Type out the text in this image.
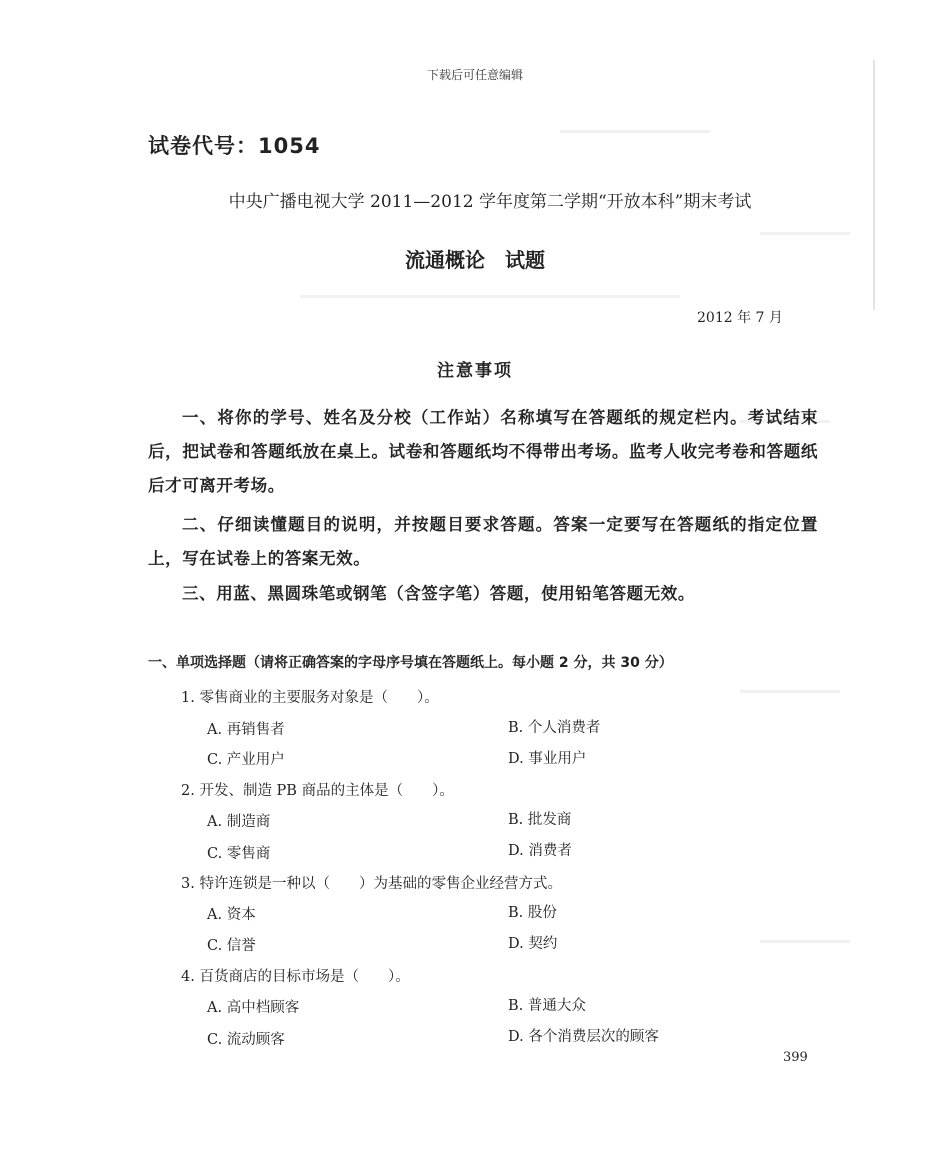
下载后可任意编辑
试卷代号：1054
中央广播电视大学 2011—2012 学年度第二学期“开放本科”期末考试
流通概论　试题
2012 年 7 月
注意事项
一、将你的学号、姓名及分校（工作站）名称填写在答题纸的规定栏内。考试结束后，把试卷和答题纸放在桌上。试卷和答题纸均不得带出考场。监考人收完考卷和答题纸后才可离开考场。
二、仔细读懂题目的说明，并按题目要求答题。答案一定要写在答题纸的指定位置上，写在试卷上的答案无效。
三、用蓝、黑圆珠笔或钢笔（含签字笔）答题，使用铅笔答题无效。
一、单项选择题（请将正确答案的字母序号填在答题纸上。每小题 2 分，共 30 分）
1. 零售商业的主要服务对象是（　　）。
A. 再销售者	B. 个人消费者
C. 产业用户	D. 事业用户
2. 开发、制造 PB 商品的主体是（　　）。
A. 制造商	B. 批发商
C. 零售商	D. 消费者
3. 特许连锁是一种以（　　）为基础的零售企业经营方式。
A. 资本	B. 股份
C. 信誉	D. 契约
4. 百货商店的目标市场是（　　）。
A. 高中档顾客	B. 普通大众
C. 流动顾客	D. 各个消费层次的顾客
399
